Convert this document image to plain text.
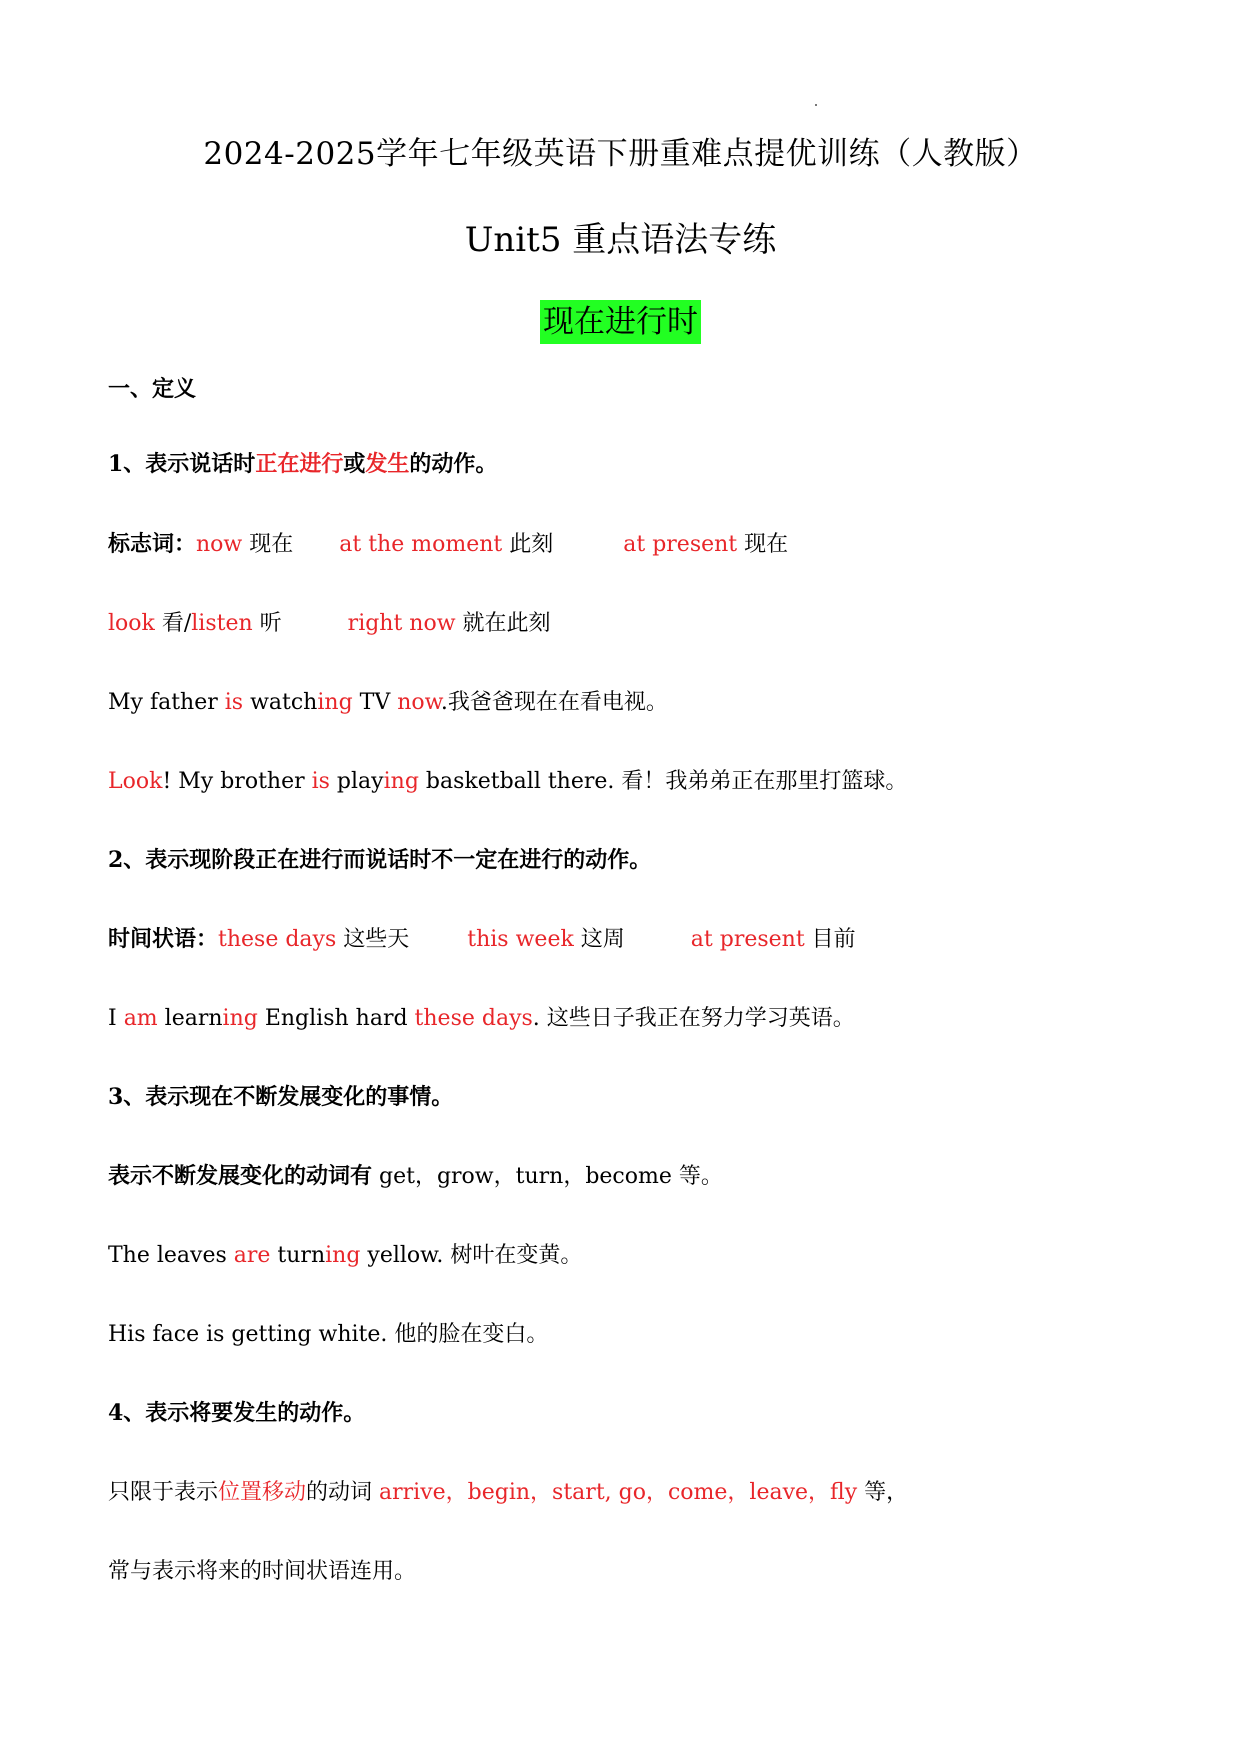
2024-2025学年七年级英语下册重难点提优训练（人教版）
Unit5 重点语法专练
现在进行时
一、定义
1、表示说话时正在进行或发生的动作。
标志词：now 现在 at the moment 此刻	at present 现在
look 看/listen 听	right now 就在此刻
My father is watching TV now.我爸爸现在在看电视。
Look! My brother is playing basketball there. 看！我弟弟正在那里打篮球。
2、表示现阶段正在进行而说话时不一定在进行的动作。
时间状语：these days 这些天	this week 这周	at present 目前
I am learning English hard these days. 这些日子我正在努力学习英语。
3、表示现在不断发展变化的事情。
表示不断发展变化的动词有 get，grow，turn，become 等。
The leaves are turning yellow. 树叶在变黄。
His face is getting white. 他的脸在变白。
4、表示将要发生的动作。
只限于表示位置移动的动词 arrive，begin，start, go，come，leave，fly 等，
常与表示将来的时间状语连用。
